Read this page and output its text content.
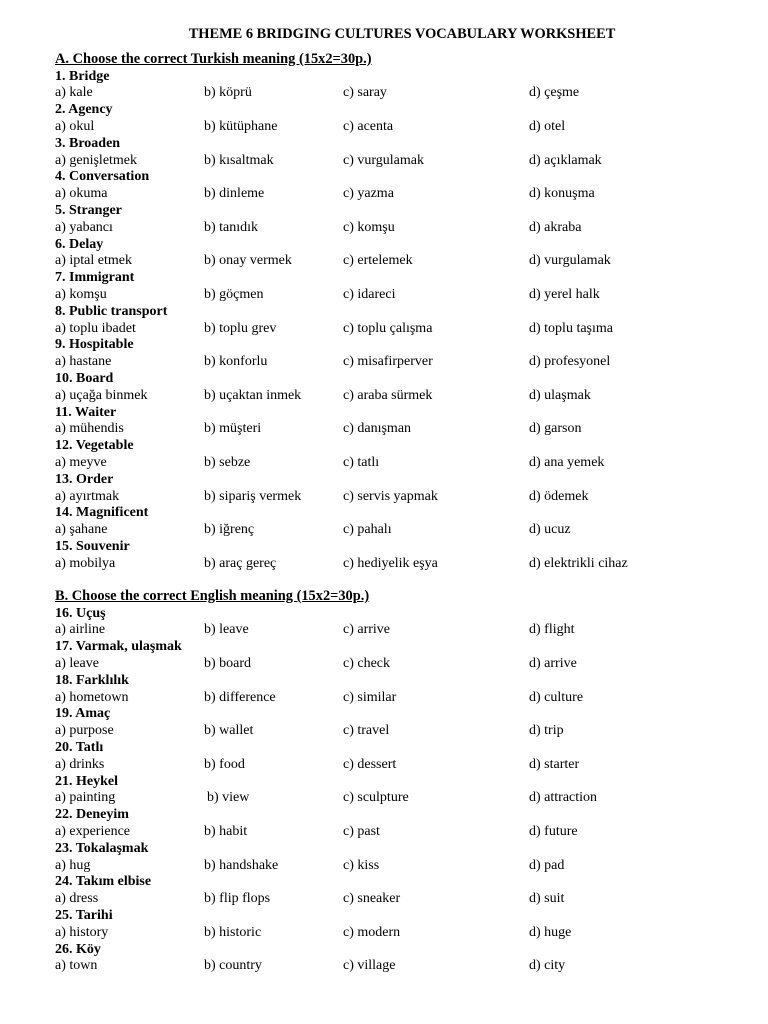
THEME 6 BRIDGING CULTURES VOCABULARY WORKSHEET
A. Choose the correct Turkish meaning (15x2=30p.)
1. Bridge
a) kale	b) köprü	c) saray	d) çeşme
2. Agency
a) okul	b) kütüphane	c) acenta	d) otel
3. Broaden
a) genişletmek	b) kısaltmak	c) vurgulamak	d) açıklamak
4. Conversation
a) okuma	b) dinleme	c) yazma	d) konuşma
5. Stranger
a) yabancı	b) tanıdık	c) komşu	d) akraba
6. Delay
a) iptal etmek	b) onay vermek	c) ertelemek	d) vurgulamak
7. Immigrant
a) komşu	b) göçmen	c) idareci	d) yerel halk
8. Public transport
a) toplu ibadet	b) toplu grev	c) toplu çalışma	d) toplu taşıma
9. Hospitable
a) hastane	b) konforlu	c) misafirperver	d) profesyonel
10. Board
a) uçağa binmek	b) uçaktan inmek	c) araba sürmek	d) ulaşmak
11. Waiter
a) mühendis	b) müşteri	c) danışman	d) garson
12. Vegetable
a) meyve	b) sebze	c) tatlı	d) ana yemek
13. Order
a) ayırtmak	b) sipariş vermek	c) servis yapmak	d) ödemek
14. Magnificent
a) şahane	b) iğrenç	c) pahalı	d) ucuz
15. Souvenir
a) mobilya	b) araç gereç	c) hediyelik eşya	d) elektrikli cihaz
B. Choose the correct English meaning (15x2=30p.)
16. Uçuş
a) airline	b) leave	c) arrive	d) flight
17. Varmak, ulaşmak
a) leave	b) board	c) check	d) arrive
18. Farklılık
a) hometown	b) difference	c) similar	d) culture
19. Amaç
a) purpose	b) wallet	c) travel	d) trip
20. Tatlı
a) drinks	b) food	c) dessert	d) starter
21. Heykel
a) painting	b) view	c) sculpture	d) attraction
22. Deneyim
a) experience	b) habit	c) past	d) future
23. Tokalaşmak
a) hug	b) handshake	c) kiss	d) pad
24. Takım elbise
a) dress	b) flip flops	c) sneaker	d) suit
25. Tarihi
a) history	b) historic	c) modern	d) huge
26. Köy
a) town	b) country	c) village	d) city
